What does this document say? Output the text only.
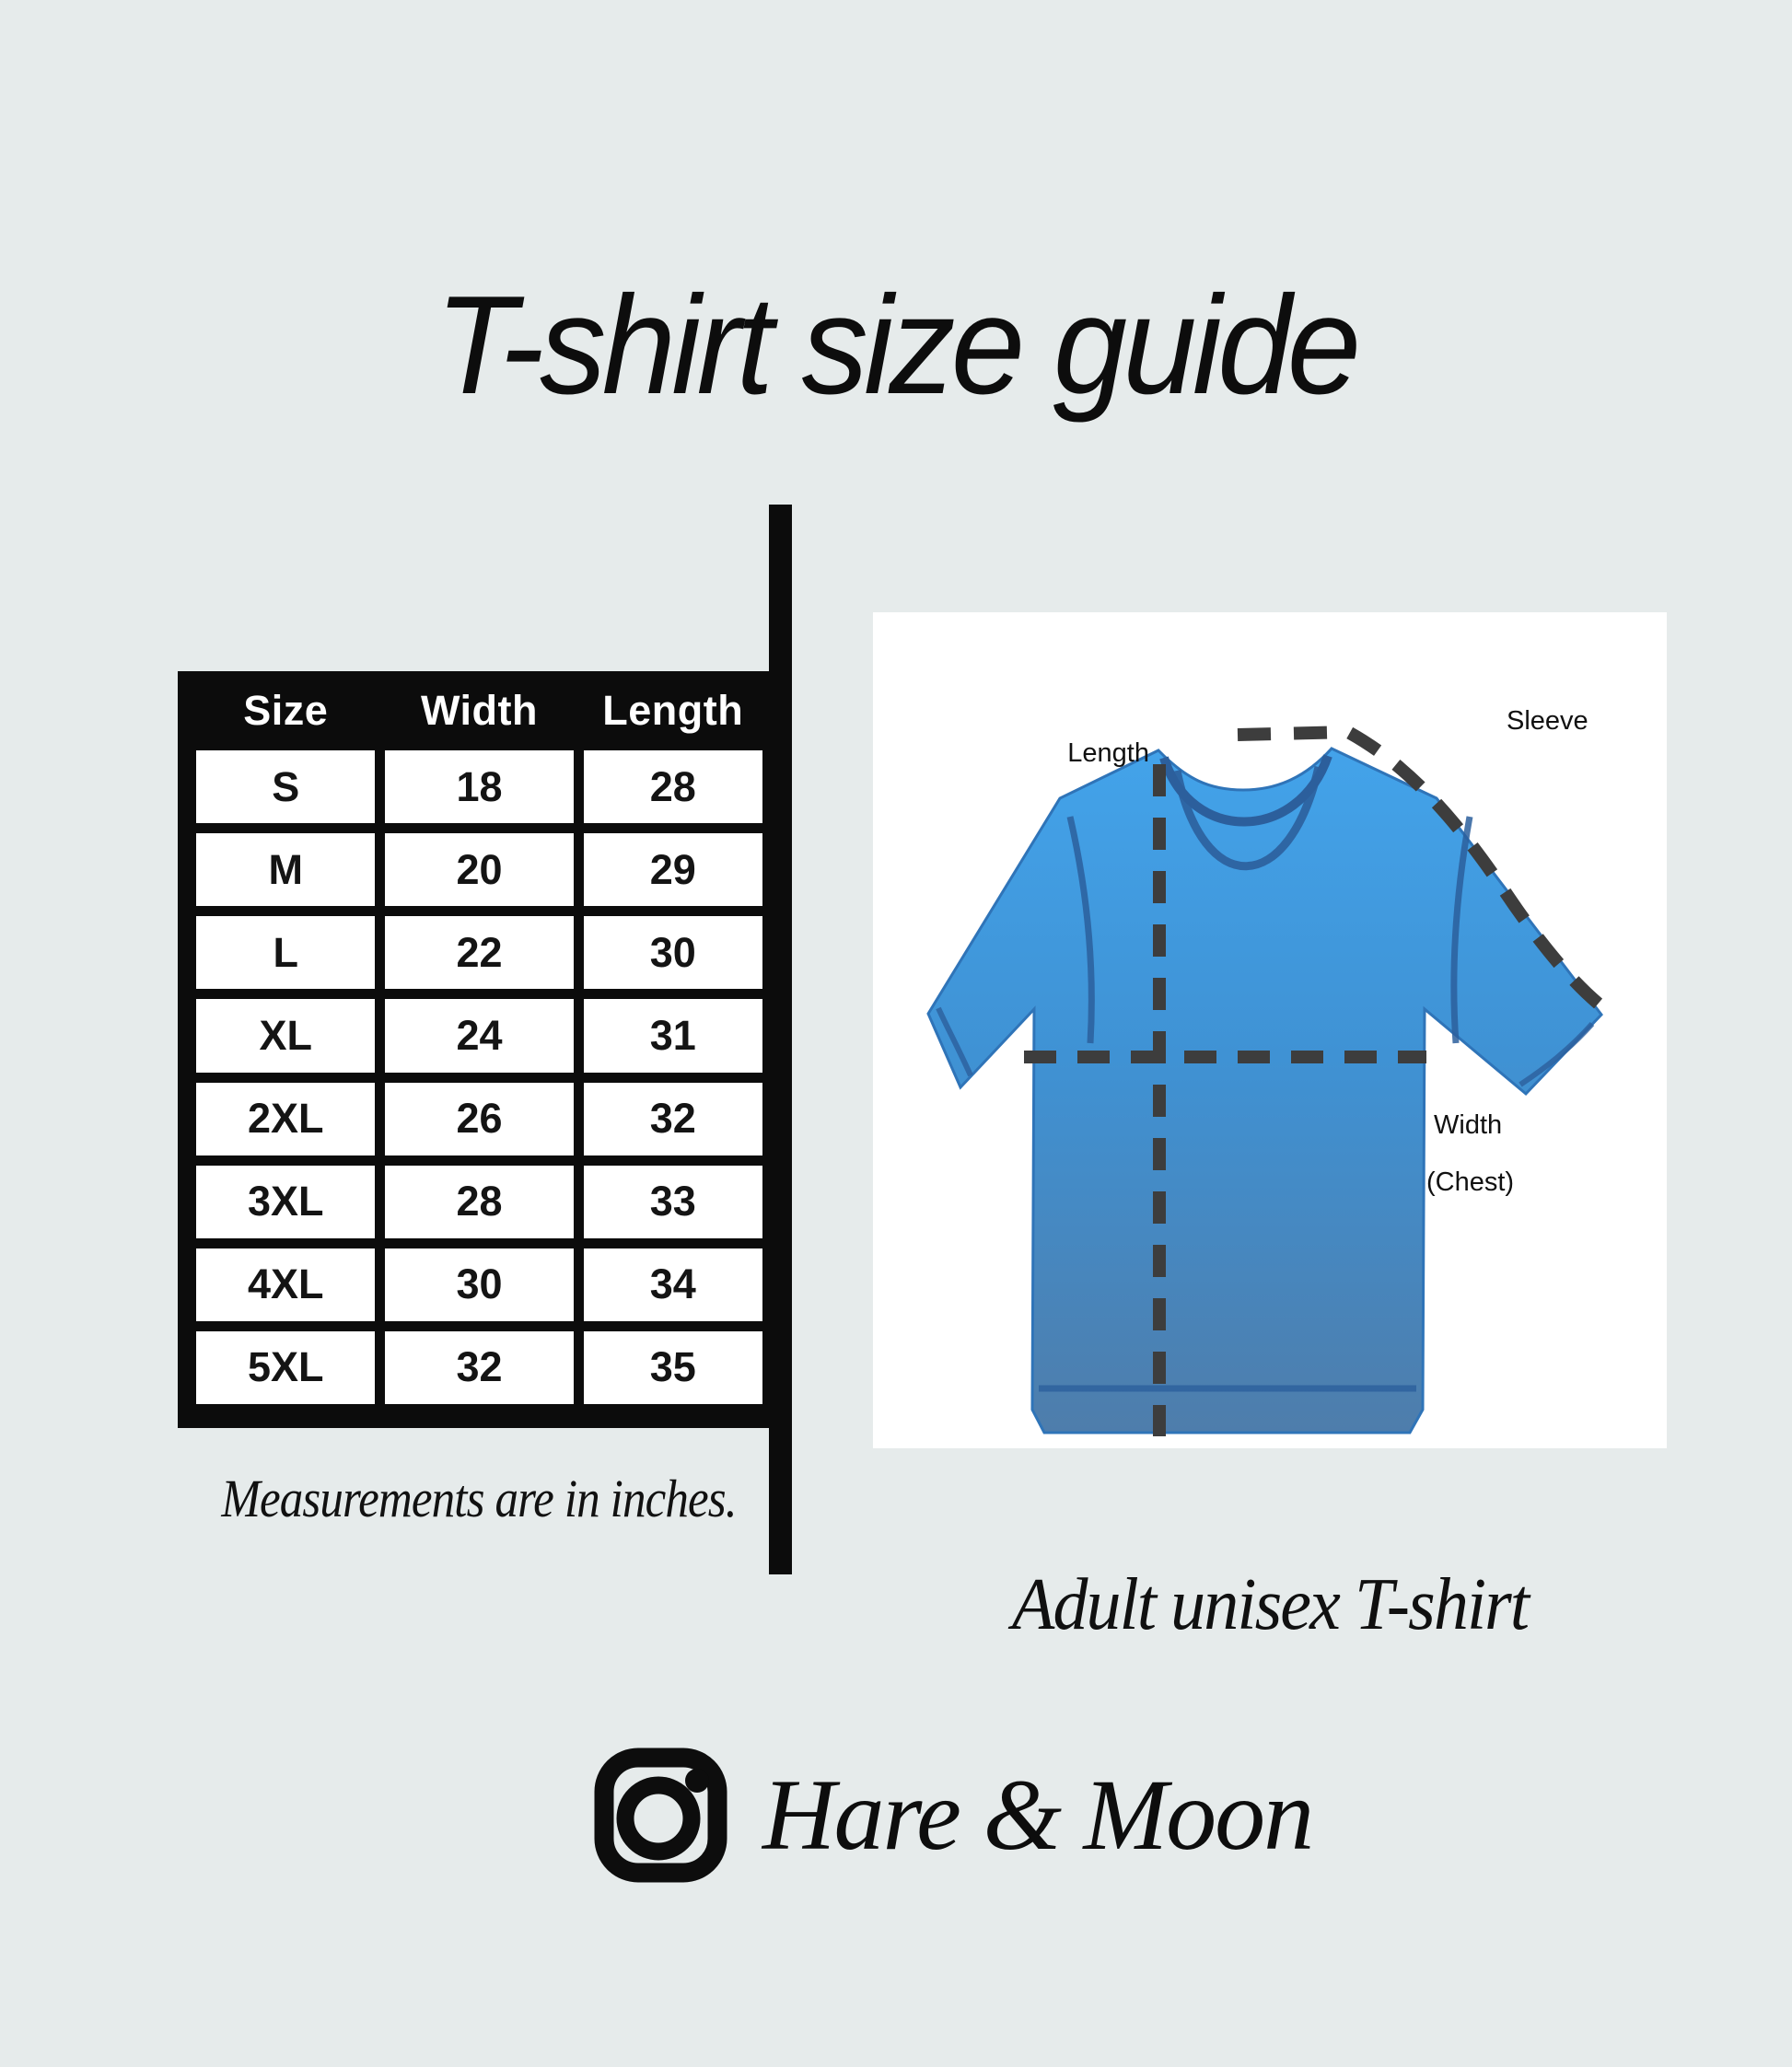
T-shirt size guide
Size	Width	Length
S	18	28
M	20	29
L	22	30
XL	24	31
2XL	26	32
3XL	28	33
4XL	30	34
5XL	32	35
Measurements are in inches.
Length
Sleeve
Width
(Chest)
Adult unisex T-shirt
Hare & Moon
